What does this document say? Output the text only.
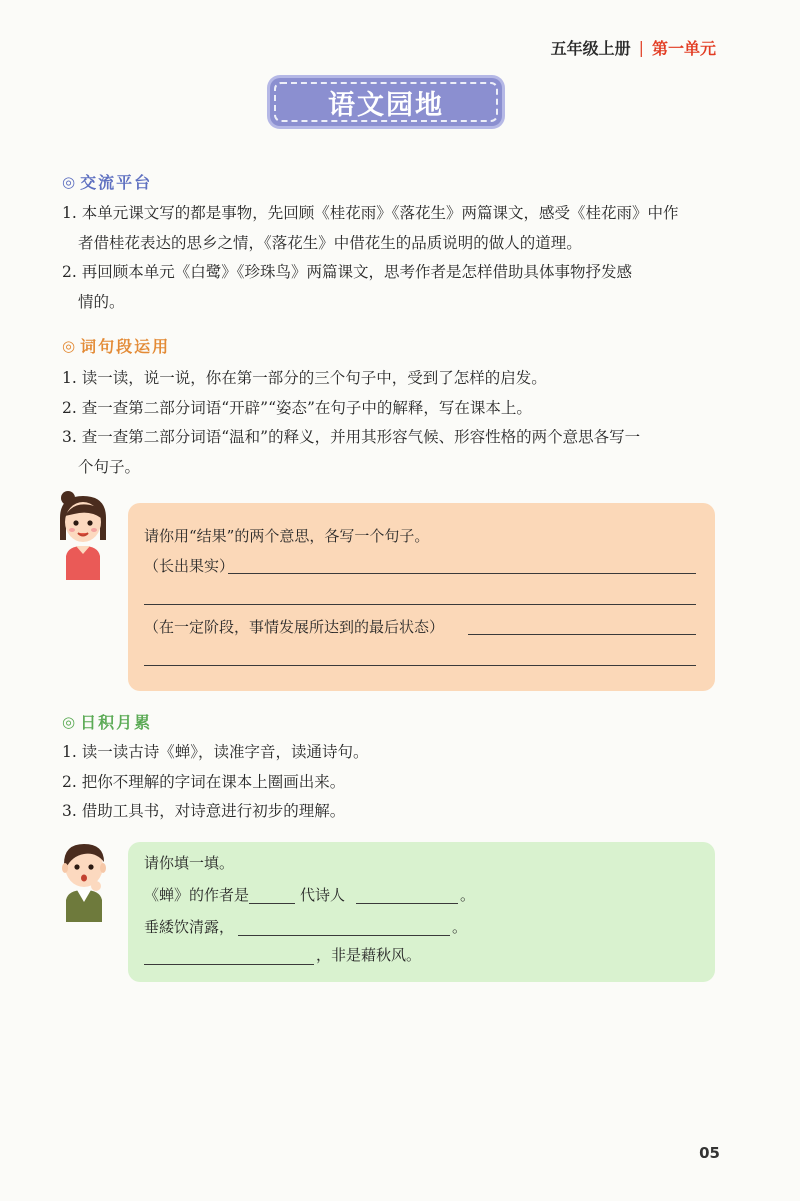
五年级上册 | 第一单元
语文园地
◎ 交流平台
1. 本单元课文写的都是事物，先回顾《桂花雨》《落花生》两篇课文，感受《桂花雨》中作
者借桂花表达的思乡之情，《落花生》中借花生的品质说明的做人的道理。
2. 再回顾本单元《白鹭》《珍珠鸟》两篇课文，思考作者是怎样借助具体事物抒发感
情的。
◎ 词句段运用
1. 读一读，说一说，你在第一部分的三个句子中，受到了怎样的启发。
2. 查一查第二部分词语“开辟”“姿态”在句子中的解释，写在课本上。
3. 查一查第二部分词语“温和”的释义，并用其形容气候、形容性格的两个意思各写一
个句子。
请你用“结果”的两个意思，各写一个句子。
（长出果实）
（在一定阶段，事情发展所达到的最后状态）
◎ 日积月累
1. 读一读古诗《蝉》，读准字音，读通诗句。
2. 把你不理解的字词在课本上圈画出来。
3. 借助工具书，对诗意进行初步的理解。
请你填一填。
《蝉》的作者是	代诗人	。
垂緌饮清露，	。
，非是藉秋风。
05
